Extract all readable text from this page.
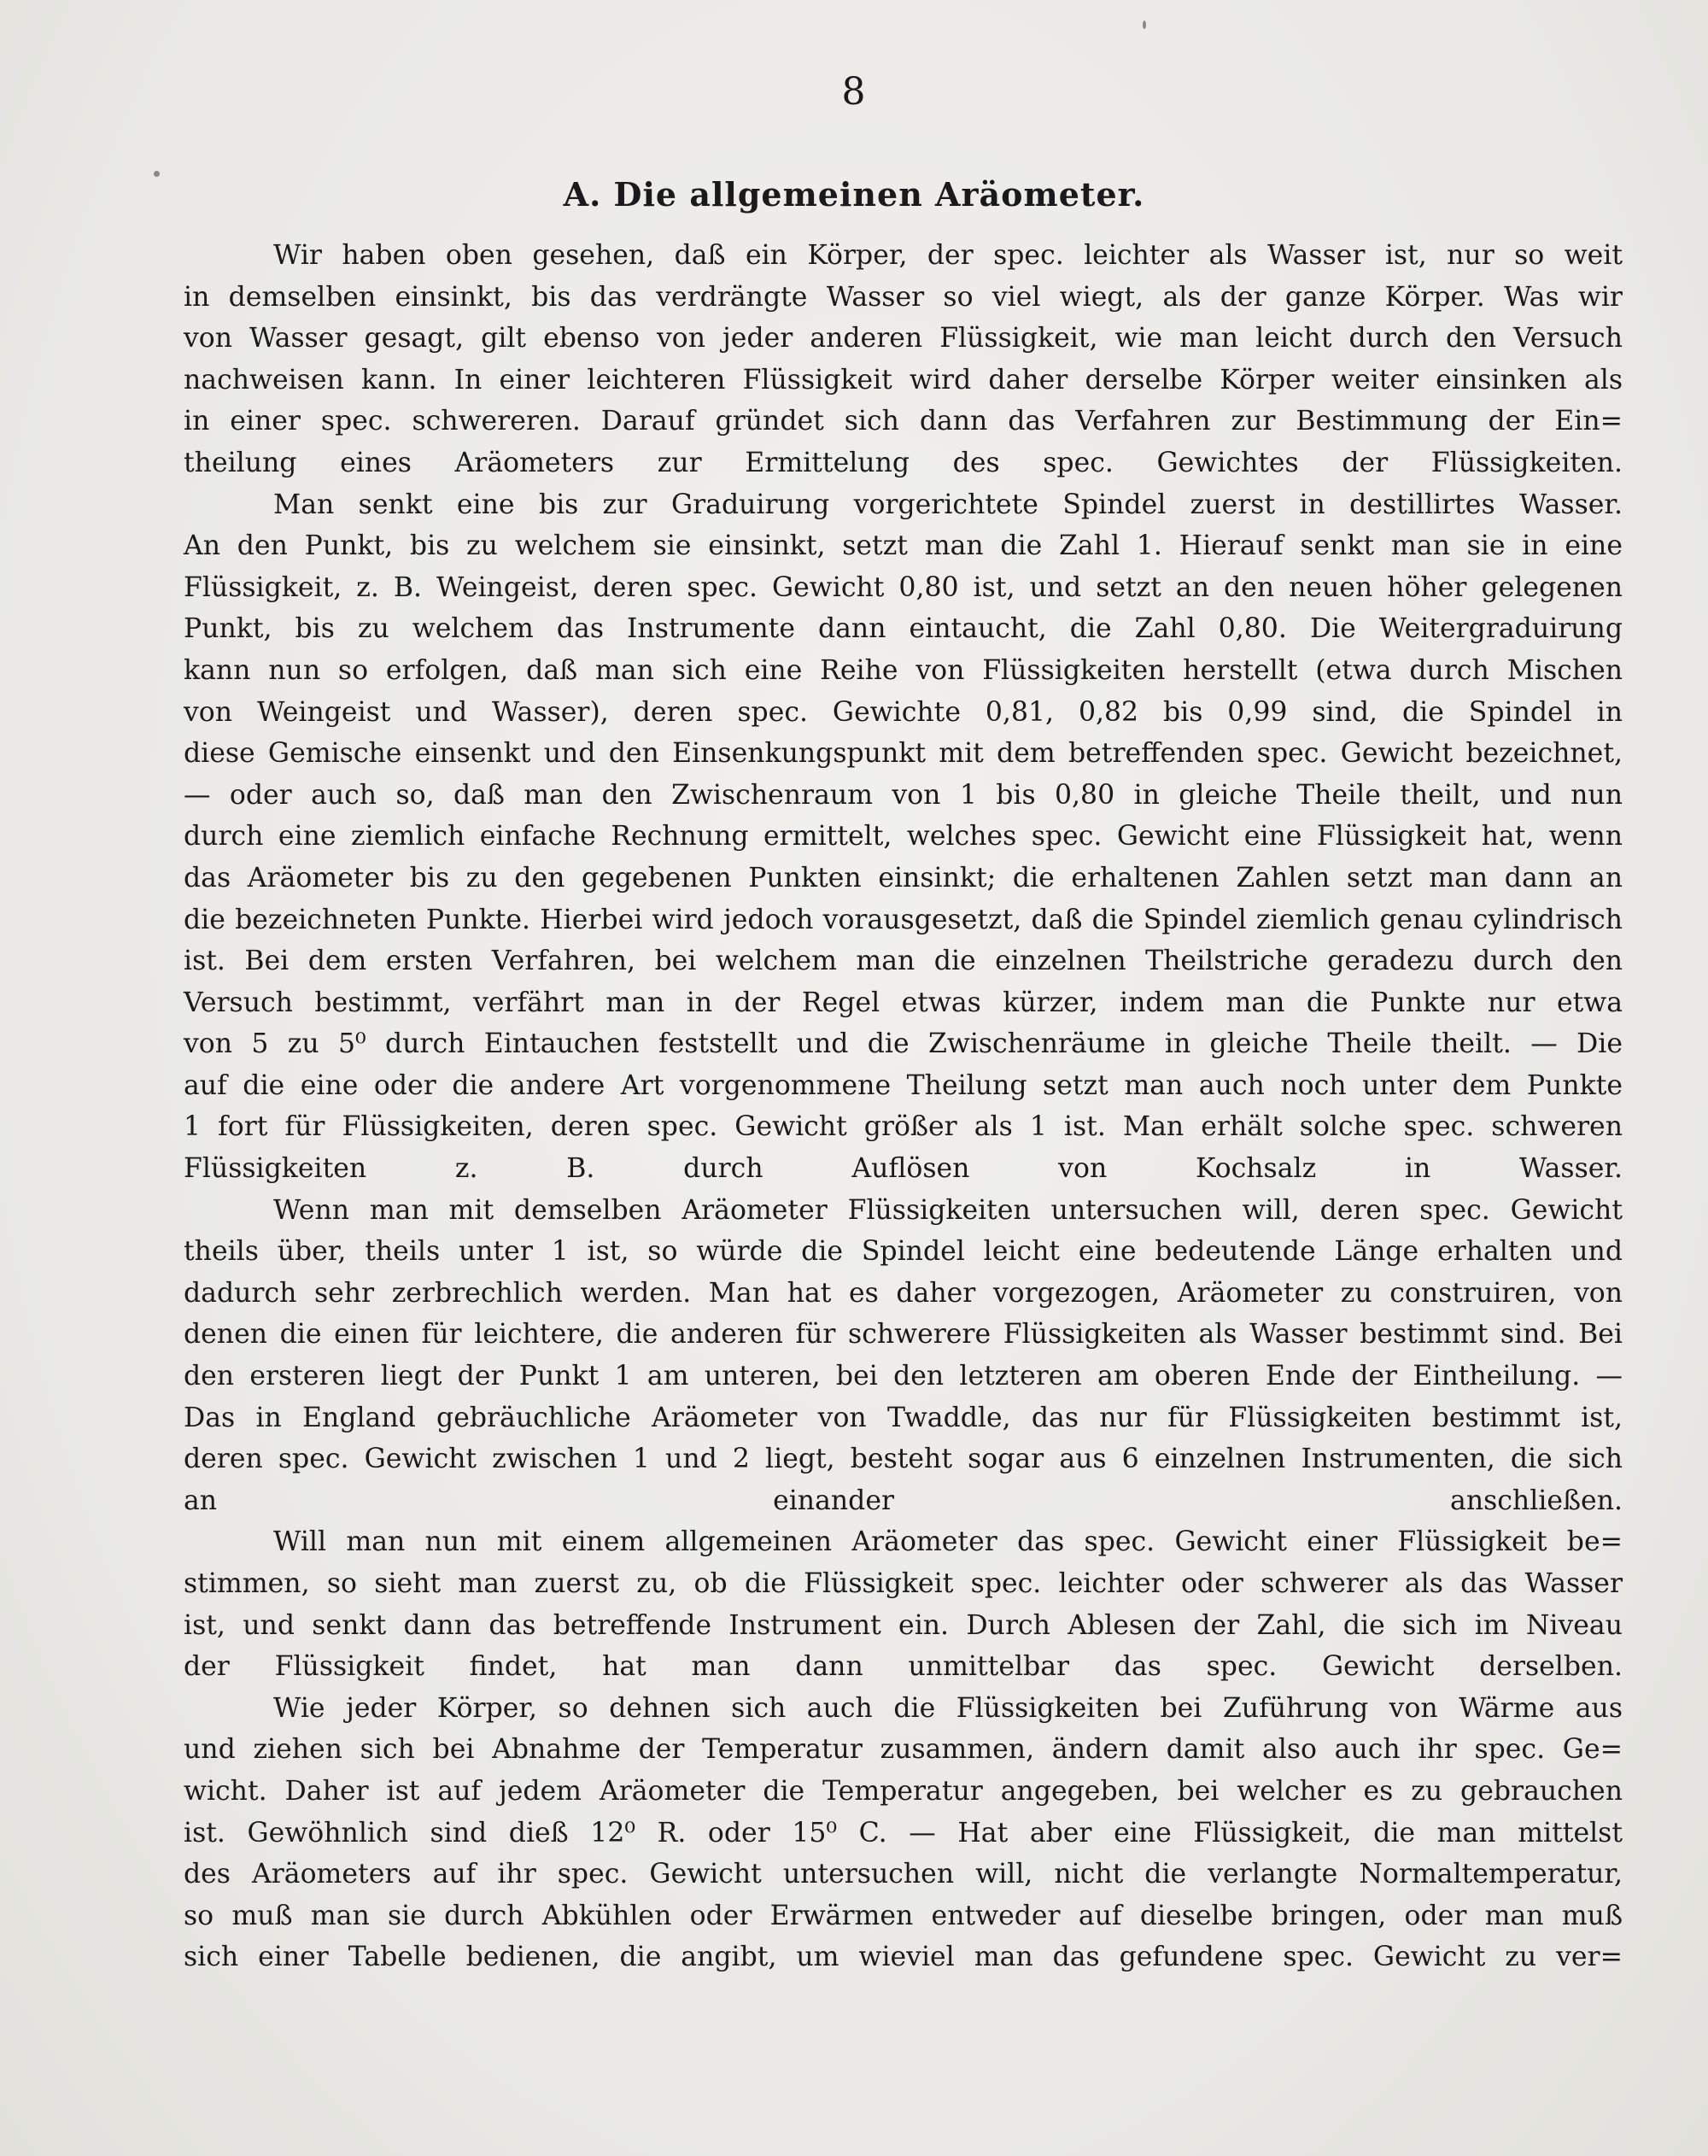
8
A. Die allgemeinen Aräometer.
Wir haben oben gesehen, daß ein Körper, der spec. leichter als Wasser ist, nur so weit
in demselben einsinkt, bis das verdrängte Wasser so viel wiegt, als der ganze Körper. Was wir
von Wasser gesagt, gilt ebenso von jeder anderen Flüssigkeit, wie man leicht durch den Versuch
nachweisen kann. In einer leichteren Flüssigkeit wird daher derselbe Körper weiter einsinken als
in einer spec. schwereren. Darauf gründet sich dann das Verfahren zur Bestimmung der Ein=
theilung eines Aräometers zur Ermittelung des spec. Gewichtes der Flüssigkeiten.
Man senkt eine bis zur Graduirung vorgerichtete Spindel zuerst in destillirtes Wasser.
An den Punkt, bis zu welchem sie einsinkt, setzt man die Zahl 1. Hierauf senkt man sie in eine
Flüssigkeit, z. B. Weingeist, deren spec. Gewicht 0,80 ist, und setzt an den neuen höher gelegenen
Punkt, bis zu welchem das Instrumente dann eintaucht, die Zahl 0,80. Die Weitergraduirung
kann nun so erfolgen, daß man sich eine Reihe von Flüssigkeiten herstellt (etwa durch Mischen
von Weingeist und Wasser), deren spec. Gewichte 0,81, 0,82 bis 0,99 sind, die Spindel in
diese Gemische einsenkt und den Einsenkungspunkt mit dem betreffenden spec. Gewicht bezeichnet,
— oder auch so, daß man den Zwischenraum von 1 bis 0,80 in gleiche Theile theilt, und nun
durch eine ziemlich einfache Rechnung ermittelt, welches spec. Gewicht eine Flüssigkeit hat, wenn
das Aräometer bis zu den gegebenen Punkten einsinkt; die erhaltenen Zahlen setzt man dann an
die bezeichneten Punkte. Hierbei wird jedoch vorausgesetzt, daß die Spindel ziemlich genau cylindrisch
ist. Bei dem ersten Verfahren, bei welchem man die einzelnen Theilstriche geradezu durch den
Versuch bestimmt, verfährt man in der Regel etwas kürzer, indem man die Punkte nur etwa
von 5 zu 5⁰ durch Eintauchen feststellt und die Zwischenräume in gleiche Theile theilt. — Die
auf die eine oder die andere Art vorgenommene Theilung setzt man auch noch unter dem Punkte
1 fort für Flüssigkeiten, deren spec. Gewicht größer als 1 ist. Man erhält solche spec. schweren
Flüssigkeiten z. B. durch Auflösen von Kochsalz in Wasser.
Wenn man mit demselben Aräometer Flüssigkeiten untersuchen will, deren spec. Gewicht
theils über, theils unter 1 ist, so würde die Spindel leicht eine bedeutende Länge erhalten und
dadurch sehr zerbrechlich werden. Man hat es daher vorgezogen, Aräometer zu construiren, von
denen die einen für leichtere, die anderen für schwerere Flüssigkeiten als Wasser bestimmt sind. Bei
den ersteren liegt der Punkt 1 am unteren, bei den letzteren am oberen Ende der Eintheilung. —
Das in England gebräuchliche Aräometer von Twaddle, das nur für Flüssigkeiten bestimmt ist,
deren spec. Gewicht zwischen 1 und 2 liegt, besteht sogar aus 6 einzelnen Instrumenten, die sich
an einander anschließen.
Will man nun mit einem allgemeinen Aräometer das spec. Gewicht einer Flüssigkeit be=
stimmen, so sieht man zuerst zu, ob die Flüssigkeit spec. leichter oder schwerer als das Wasser
ist, und senkt dann das betreffende Instrument ein. Durch Ablesen der Zahl, die sich im Niveau
der Flüssigkeit findet, hat man dann unmittelbar das spec. Gewicht derselben.
Wie jeder Körper, so dehnen sich auch die Flüssigkeiten bei Zuführung von Wärme aus
und ziehen sich bei Abnahme der Temperatur zusammen, ändern damit also auch ihr spec. Ge=
wicht. Daher ist auf jedem Aräometer die Temperatur angegeben, bei welcher es zu gebrauchen
ist. Gewöhnlich sind dieß 12⁰ R. oder 15⁰ C. — Hat aber eine Flüssigkeit, die man mittelst
des Aräometers auf ihr spec. Gewicht untersuchen will, nicht die verlangte Normaltemperatur,
so muß man sie durch Abkühlen oder Erwärmen entweder auf dieselbe bringen, oder man muß
sich einer Tabelle bedienen, die angibt, um wieviel man das gefundene spec. Gewicht zu ver=
